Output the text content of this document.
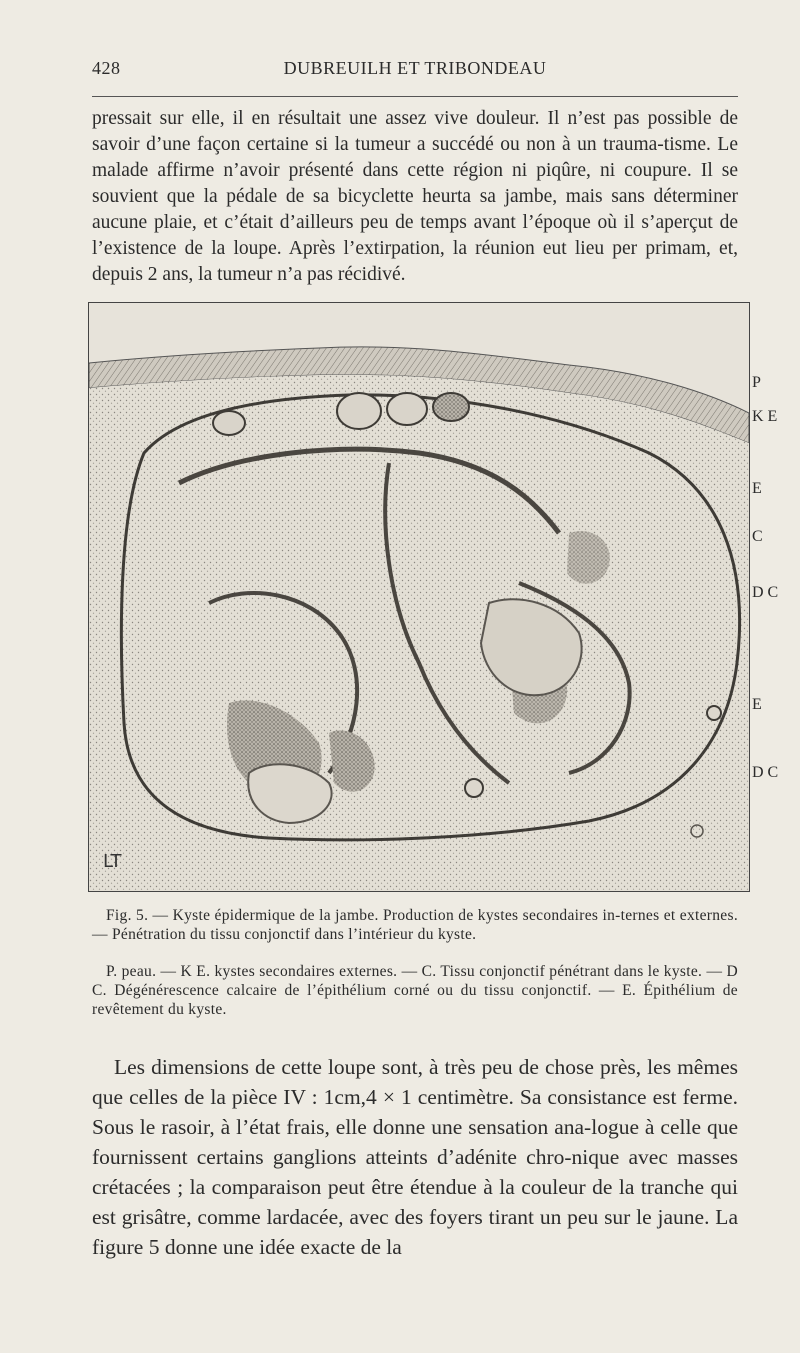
428	DUBREUILH ET TRIBONDEAU
pressait sur elle, il en résultait une assez vive douleur. Il n’est pas possible de savoir d’une façon certaine si la tumeur a succédé ou non à un trauma-tisme. Le malade affirme n’avoir présenté dans cette région ni piqûre, ni coupure. Il se souvient que la pédale de sa bicyclette heurta sa jambe, mais sans déterminer aucune plaie, et c’était d’ailleurs peu de temps avant l’époque où il s’aperçut de l’existence de la loupe. Après l’extirpation, la réunion eut lieu per primam, et, depuis 2 ans, la tumeur n’a pas récidivé.
LT
P
K E
E
C
D C
E
D C
Fig. 5. — Kyste épidermique de la jambe. Production de kystes secondaires in-ternes et externes. — Pénétration du tissu conjonctif dans l’intérieur du kyste.
P. peau. — K E. kystes secondaires externes. — C. Tissu conjonctif pénétrant dans le kyste. — D C. Dégénérescence calcaire de l’épithélium corné ou du tissu conjonctif. — E. Épithélium de revêtement du kyste.
Les dimensions de cette loupe sont, à très peu de chose près, les mêmes que celles de la pièce IV : 1cm,4 × 1 centimètre. Sa consistance est ferme. Sous le rasoir, à l’état frais, elle donne une sensation ana-logue à celle que fournissent certains ganglions atteints d’adénite chro-nique avec masses crétacées ; la comparaison peut être étendue à la couleur de la tranche qui est grisâtre, comme lardacée, avec des foyers tirant un peu sur le jaune. La figure 5 donne une idée exacte de la
